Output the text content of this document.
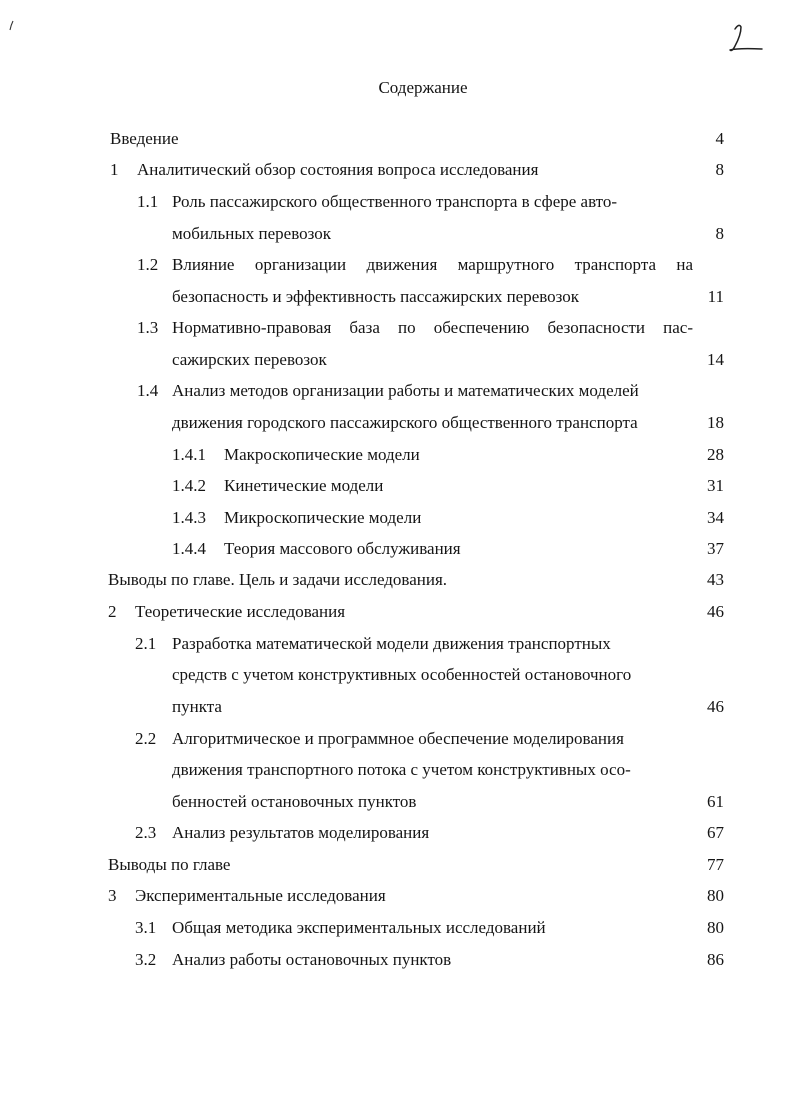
Содержание
Введение	4
1 Аналитический обзор состояния вопроса исследования	8
1.1 Роль пассажирского общественного транспорта в сфере авто-
мобильных перевозок	8
1.2 Влияние организации движения маршрутного транспорта на
безопасность и эффективность пассажирских перевозок	11
1.3 Нормативно-правовая база по обеспечению безопасности пас-
сажирских перевозок	14
1.4 Анализ методов организации работы и математических моделей
движения городского пассажирского общественного транспорта	18
1.4.1 Макроскопические модели	28
1.4.2 Кинетические модели	31
1.4.3 Микроскопические модели	34
1.4.4 Теория массового обслуживания	37
Выводы по главе. Цель и задачи исследования.	43
2 Теоретические исследования	46
2.1 Разработка математической модели движения транспортных
средств с учетом конструктивных особенностей остановочного
пункта	46
2.2 Алгоритмическое и программное обеспечение моделирования
движения транспортного потока с учетом конструктивных осо-
бенностей остановочных пунктов	61
2.3 Анализ результатов моделирования	67
Выводы по главе	77
3 Экспериментальные исследования	80
3.1 Общая методика экспериментальных исследований	80
3.2 Анализ работы остановочных пунктов	86
